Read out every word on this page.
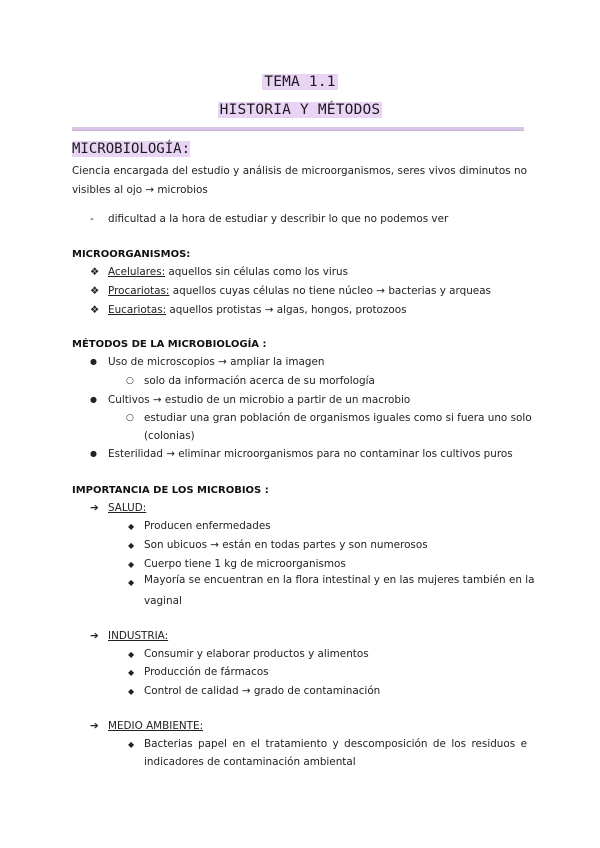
TEMA 1.1
HISTORIA Y MÉTODOS
MICROBIOLOGÍA:
Ciencia encargada del estudio y análisis de microorganismos, seres vivos diminutos no visibles al ojo → microbios
- dificultad a la hora de estudiar y describir lo que no podemos ver
MICROORGANISMOS:
❖ Acelulares: aquellos sin células como los virus
❖ Procariotas: aquellos cuyas células no tiene núcleo → bacterias y arqueas
❖ Eucariotas: aquellos protistas → algas, hongos, protozoos
MÉTODOS DE LA MICROBIOLOGÍA :
● Uso de microscopios → ampliar la imagen
○ solo da información acerca de su morfología
● Cultivos → estudio de un microbio a partir de un macrobio
○ estudiar una gran población de organismos iguales como si fuera uno solo
(colonias)
● Esterilidad → eliminar microorganismos para no contaminar los cultivos puros
IMPORTANCIA DE LOS MICROBIOS :
➔ SALUD:
◆ Producen enfermedades
◆ Son ubicuos → están en todas partes y son numerosos
◆ Cuerpo tiene 1 kg de microorganismos
◆ Mayoría se encuentran en la flora intestinal y en las mujeres también en la
vaginal
➔ INDUSTRIA:
◆ Consumir y elaborar productos y alimentos
◆ Producción de fármacos
◆ Control de calidad → grado de contaminación
➔ MEDIO AMBIENTE:
◆ Bacterias papel en el tratamiento y descomposición de los residuos e
indicadores de contaminación ambiental
